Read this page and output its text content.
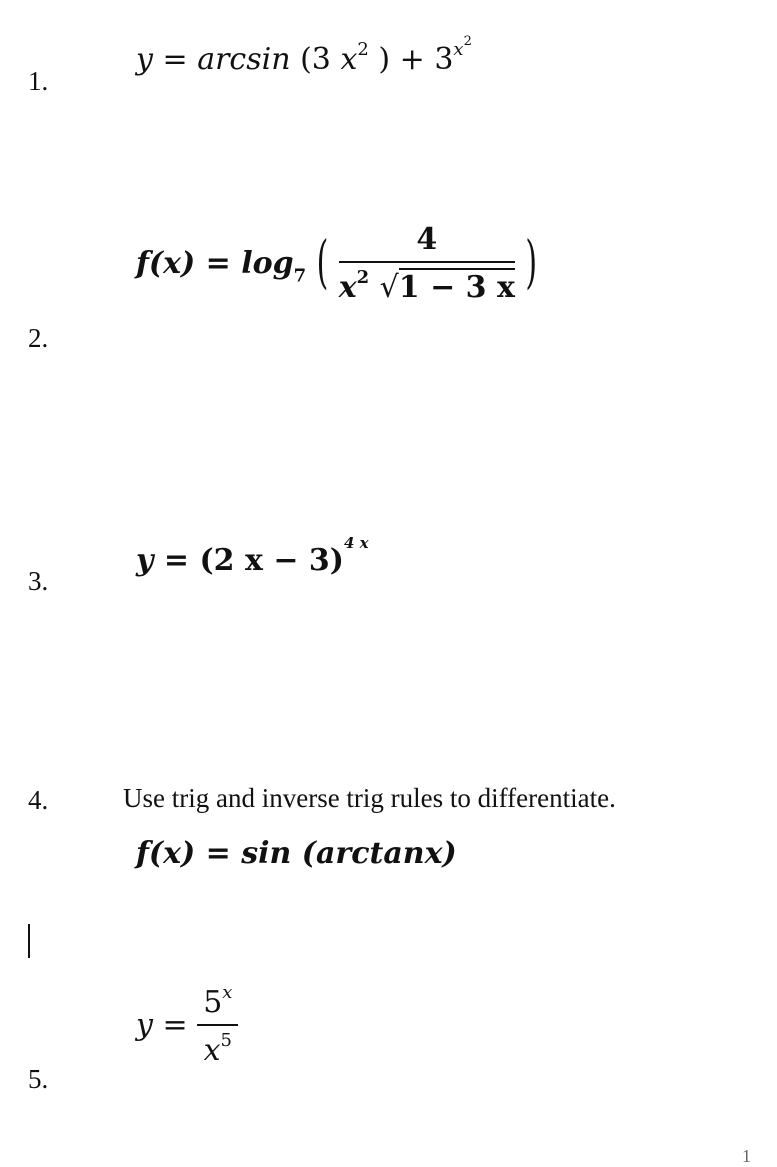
1.
y = arcsin (3 $x^2$ ) + $3^{x2}$
2.
$f(x) = \log_7$ ( $\frac{4}{x^2 √1 - 3 x}$ )
3.
y = (2 x − 3)$^{4 x}$
4.	Use trig and inverse trig rules to differentiate.
f(x) = sin (arctanx)
5.
$y = \frac{5^x}{x^5}$
1
